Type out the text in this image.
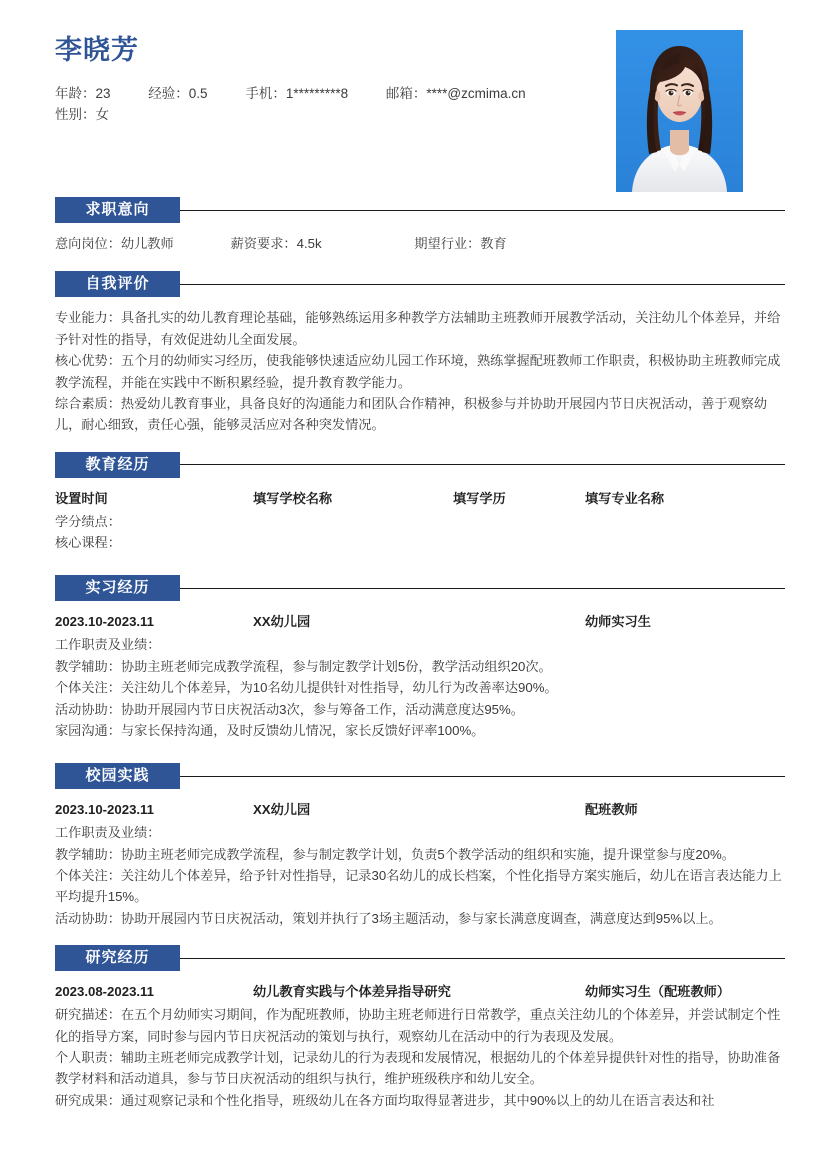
李晓芳
年龄：23	经验：0.5	手机：1*********8	邮箱：****@zcmima.cn
性别：女
求职意向
意向岗位：幼儿教师	薪资要求：4.5k	期望行业：教育
自我评价

专业能力：具备扎实的幼儿教育理论基础，能够熟练运用多种教学方法辅助主班教师开展教学活动，关注幼儿个体差异，并给予针对性的指导，有效促进幼儿全面发展。

核心优势：五个月的幼师实习经历，使我能够快速适应幼儿园工作环境，熟练掌握配班教师工作职责，积极协助主班教师完成教学流程，并能在实践中不断积累经验，提升教育教学能力。

综合素质：热爱幼儿教育事业，具备良好的沟通能力和团队合作精神，积极参与并协助开展园内节日庆祝活动，善于观察幼儿，耐心细致，责任心强，能够灵活应对各种突发情况。

教育经历
设置时间	填写学校名称	填写学历	填写专业名称
学分绩点：
核心课程：
实习经历
2023.10-2023.11	XX幼儿园	幼师实习生

工作职责及业绩：

教学辅助：协助主班老师完成教学流程，参与制定教学计划5份，教学活动组织20次。

个体关注：关注幼儿个体差异，为10名幼儿提供针对性指导，幼儿行为改善率达90%。

活动协助：协助开展园内节日庆祝活动3次，参与筹备工作，活动满意度达95%。

家园沟通：与家长保持沟通，及时反馈幼儿情况，家长反馈好评率100%。

校园实践
2023.10-2023.11	XX幼儿园	配班教师

工作职责及业绩：

教学辅助：协助主班老师完成教学流程，参与制定教学计划，负责5个教学活动的组织和实施，提升课堂参与度20%。

个体关注：关注幼儿个体差异，给予针对性指导，记录30名幼儿的成长档案，个性化指导方案实施后，幼儿在语言表达能力上平均提升15%。

活动协助：协助开展园内节日庆祝活动，策划并执行了3场主题活动，参与家长满意度调查，满意度达到95%以上。

研究经历
2023.08-2023.11	幼儿教育实践与个体差异指导研究	幼师实习生（配班教师）

研究描述：在五个月幼师实习期间，作为配班教师，协助主班老师进行日常教学，重点关注幼儿的个体差异，并尝试制定个性化的指导方案，同时参与园内节日庆祝活动的策划与执行，观察幼儿在活动中的行为表现及发展。

个人职责：辅助主班老师完成教学计划，记录幼儿的行为表现和发展情况，根据幼儿的个体差异提供针对性的指导，协助准备教学材料和活动道具，参与节日庆祝活动的组织与执行，维护班级秩序和幼儿安全。

研究成果：通过观察记录和个性化指导，班级幼儿在各方面均取得显著进步，其中90%以上的幼儿在语言表达和社
